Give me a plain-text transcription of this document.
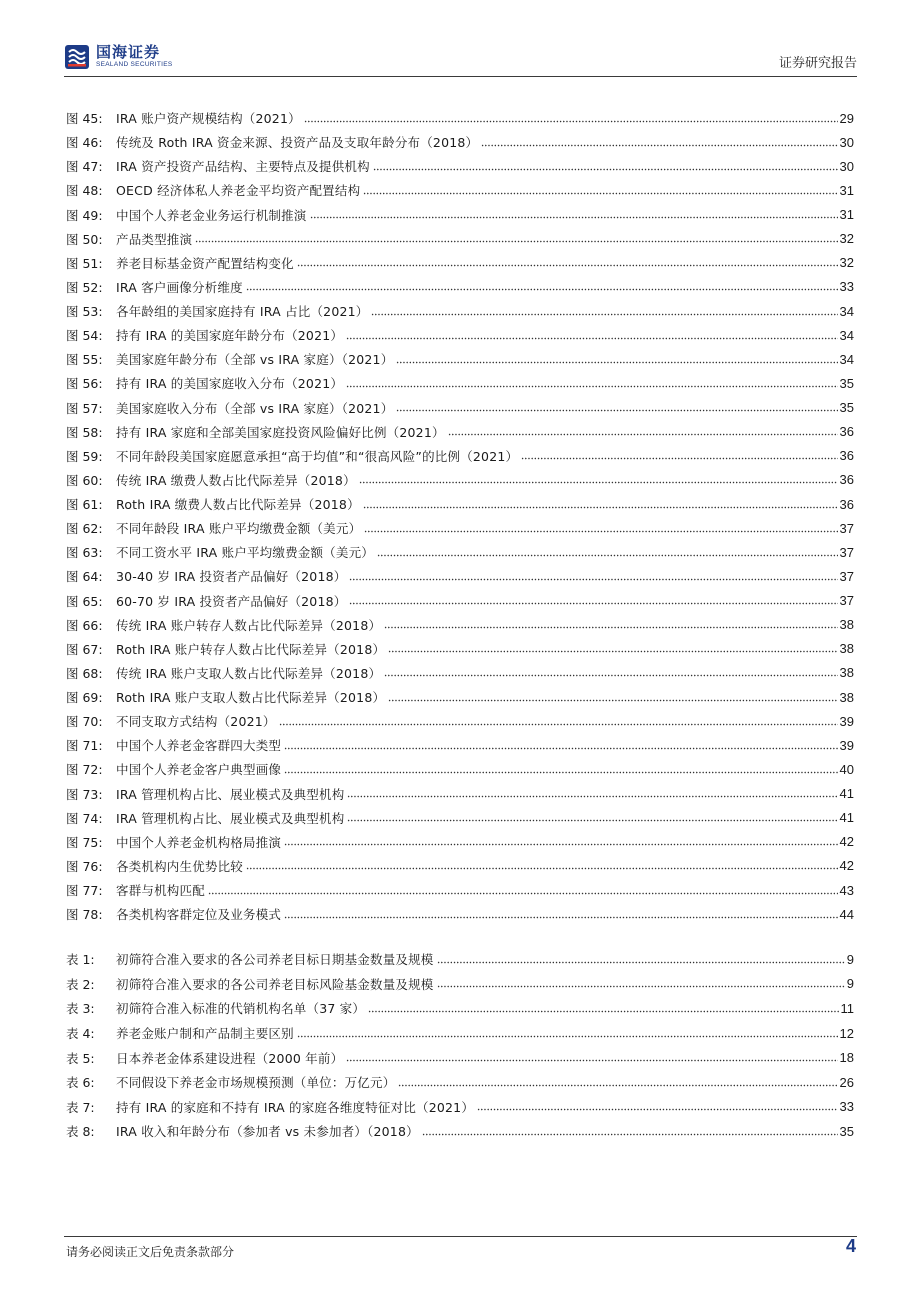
国海证券
SEALAND SECURITIES	证券研究报告
图 45:	IRA 账户资产规模结构（2021）	29
图 46:	传统及 Roth IRA 资金来源、投资产品及支取年龄分布（2018）	30
图 47:	IRA 资产投资产品结构、主要特点及提供机构	30
图 48:	OECD 经济体私人养老金平均资产配置结构	31
图 49:	中国个人养老金业务运行机制推演	31
图 50:	产品类型推演	32
图 51:	养老目标基金资产配置结构变化	32
图 52:	IRA 客户画像分析维度	33
图 53:	各年龄组的美国家庭持有 IRA 占比（2021）	34
图 54:	持有 IRA 的美国家庭年龄分布（2021）	34
图 55:	美国家庭年龄分布（全部 vs IRA 家庭）（2021）	34
图 56:	持有 IRA 的美国家庭收入分布（2021）	35
图 57:	美国家庭收入分布（全部 vs IRA 家庭）（2021）	35
图 58:	持有 IRA 家庭和全部美国家庭投资风险偏好比例（2021）	36
图 59:	不同年龄段美国家庭愿意承担“高于均值”和“很高风险”的比例（2021）	36
图 60:	传统 IRA 缴费人数占比代际差异（2018）	36
图 61:	Roth IRA 缴费人数占比代际差异（2018）	36
图 62:	不同年龄段 IRA 账户平均缴费金额（美元）	37
图 63:	不同工资水平 IRA 账户平均缴费金额（美元）	37
图 64:	30-40 岁 IRA 投资者产品偏好（2018）	37
图 65:	60-70 岁 IRA 投资者产品偏好（2018）	37
图 66:	传统 IRA 账户转存人数占比代际差异（2018）	38
图 67:	Roth IRA 账户转存人数占比代际差异（2018）	38
图 68:	传统 IRA 账户支取人数占比代际差异（2018）	38
图 69:	Roth IRA 账户支取人数占比代际差异（2018）	38
图 70:	不同支取方式结构（2021）	39
图 71:	中国个人养老金客群四大类型	39
图 72:	中国个人养老金客户典型画像	40
图 73:	IRA 管理机构占比、展业模式及典型机构	41
图 74:	IRA 管理机构占比、展业模式及典型机构	41
图 75:	中国个人养老金机构格局推演	42
图 76:	各类机构内生优势比较	42
图 77:	客群与机构匹配	43
图 78:	各类机构客群定位及业务模式	44
表 1:	初筛符合准入要求的各公司养老目标日期基金数量及规模	9
表 2:	初筛符合准入要求的各公司养老目标风险基金数量及规模	9
表 3:	初筛符合准入标准的代销机构名单（37 家）	11
表 4:	养老金账户制和产品制主要区别	12
表 5:	日本养老金体系建设进程（2000 年前）	18
表 6:	不同假设下养老金市场规模预测（单位：万亿元）	26
表 7:	持有 IRA 的家庭和不持有 IRA 的家庭各维度特征对比（2021）	33
表 8:	IRA 收入和年龄分布（参加者 vs 未参加者）（2018）	35
请务必阅读正文后免责条款部分	4
